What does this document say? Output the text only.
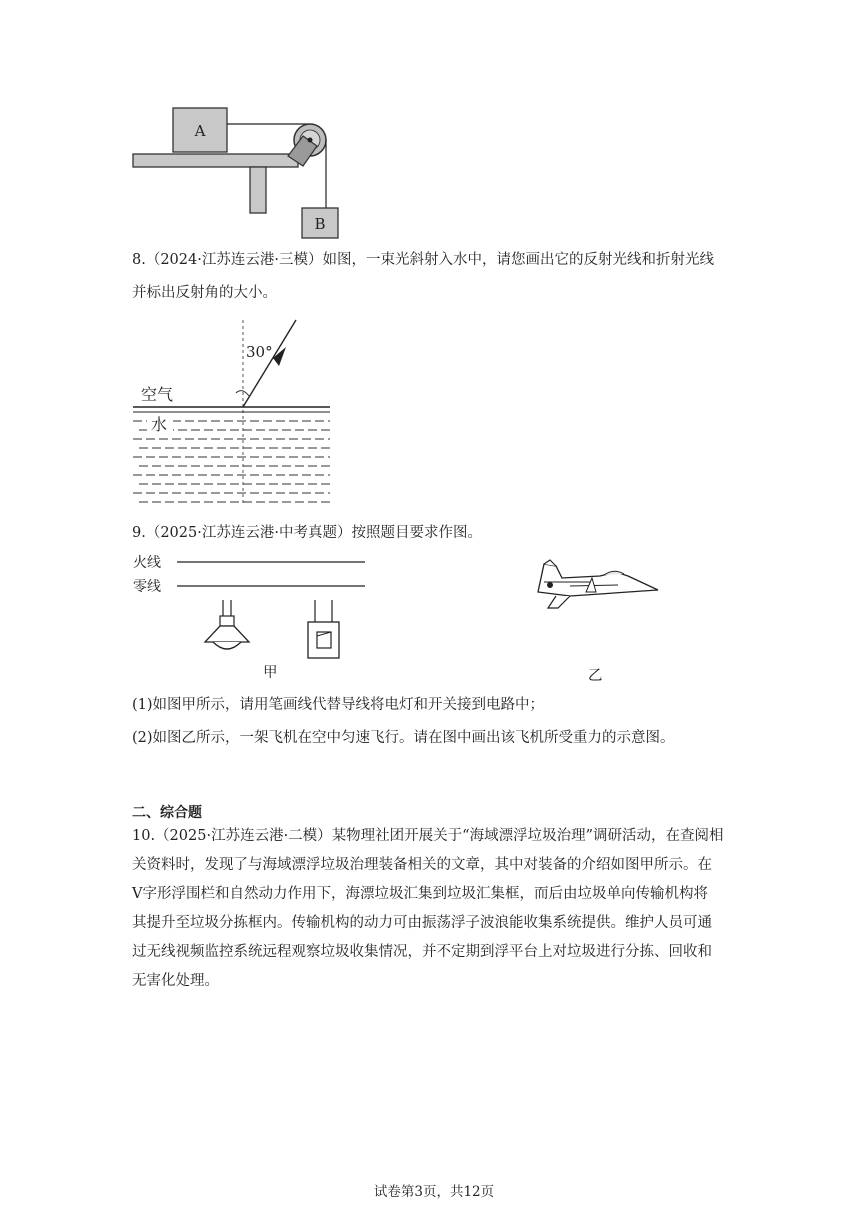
A
B
8.（2024·江苏连云港·三模）如图，一束光斜射入水中，请您画出它的反射光线和折射光线
并标出反射角的大小。
30°
空气
水
9.（2025·江苏连云港·中考真题）按照题目要求作图。
火线
零线
甲	乙
(1)如图甲所示，请用笔画线代替导线将电灯和开关接到电路中；
(2)如图乙所示，一架飞机在空中匀速飞行。请在图中画出该飞机所受重力的示意图。
二、综合题
10.（2025·江苏连云港·二模）某物理社团开展关于“海域漂浮垃圾治理”调研活动，在查阅相
关资料时，发现了与海域漂浮垃圾治理装备相关的文章，其中对装备的介绍如图甲所示。在
V字形浮围栏和自然动力作用下，海漂垃圾汇集到垃圾汇集框，而后由垃圾单向传输机构将
其提升至垃圾分拣框内。传输机构的动力可由振荡浮子波浪能收集系统提供。维护人员可通
过无线视频监控系统远程观察垃圾收集情况，并不定期到浮平台上对垃圾进行分拣、回收和
无害化处理。
试卷第3页，共12页
